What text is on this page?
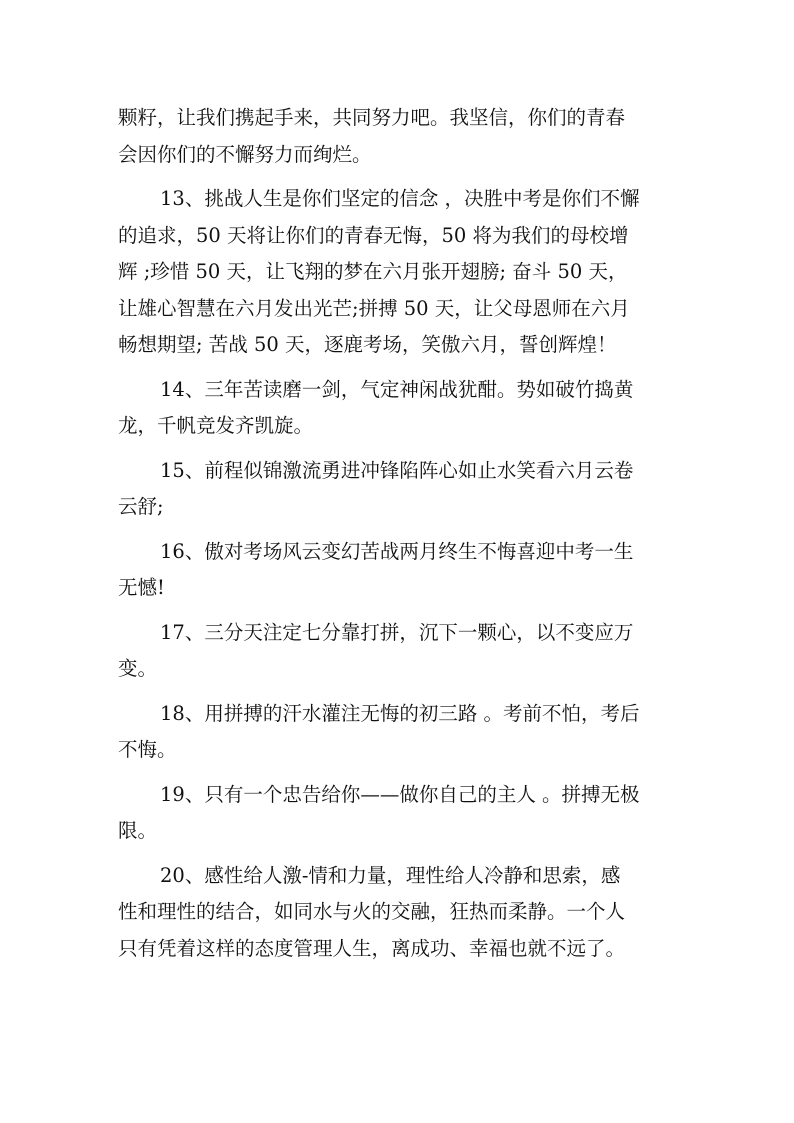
颗籽，让我们携起手来，共同努力吧。我坚信，你们的青春
会因你们的不懈努力而绚烂。
13、挑战人生是你们坚定的信念 ，决胜中考是你们不懈
的追求，50 天将让你们的青春无悔，50 将为我们的母校增
辉 ;珍惜 50 天，让飞翔的梦在六月张开翅膀; 奋斗 50 天，
让雄心智慧在六月发出光芒;拼搏 50 天，让父母恩师在六月
畅想期望; 苦战 50 天，逐鹿考场，笑傲六月，誓创辉煌！
14、三年苦读磨一剑，气定神闲战犹酣。势如破竹捣黄
龙，千帆竞发齐凯旋。
15、前程似锦激流勇进冲锋陷阵心如止水笑看六月云卷
云舒;
16、傲对考场风云变幻苦战两月终生不悔喜迎中考一生
无憾!
17、三分天注定七分靠打拼，沉下一颗心，以不变应万
变。
18、用拼搏的汗水灌注无悔的初三路 。考前不怕，考后
不悔。
19、只有一个忠告给你——做你自己的主人 。拼搏无极
限。
20、感性给人激-情和力量，理性给人冷静和思索，感
性和理性的结合，如同水与火的交融，狂热而柔静。一个人
只有凭着这样的态度管理人生，离成功、幸福也就不远了。
